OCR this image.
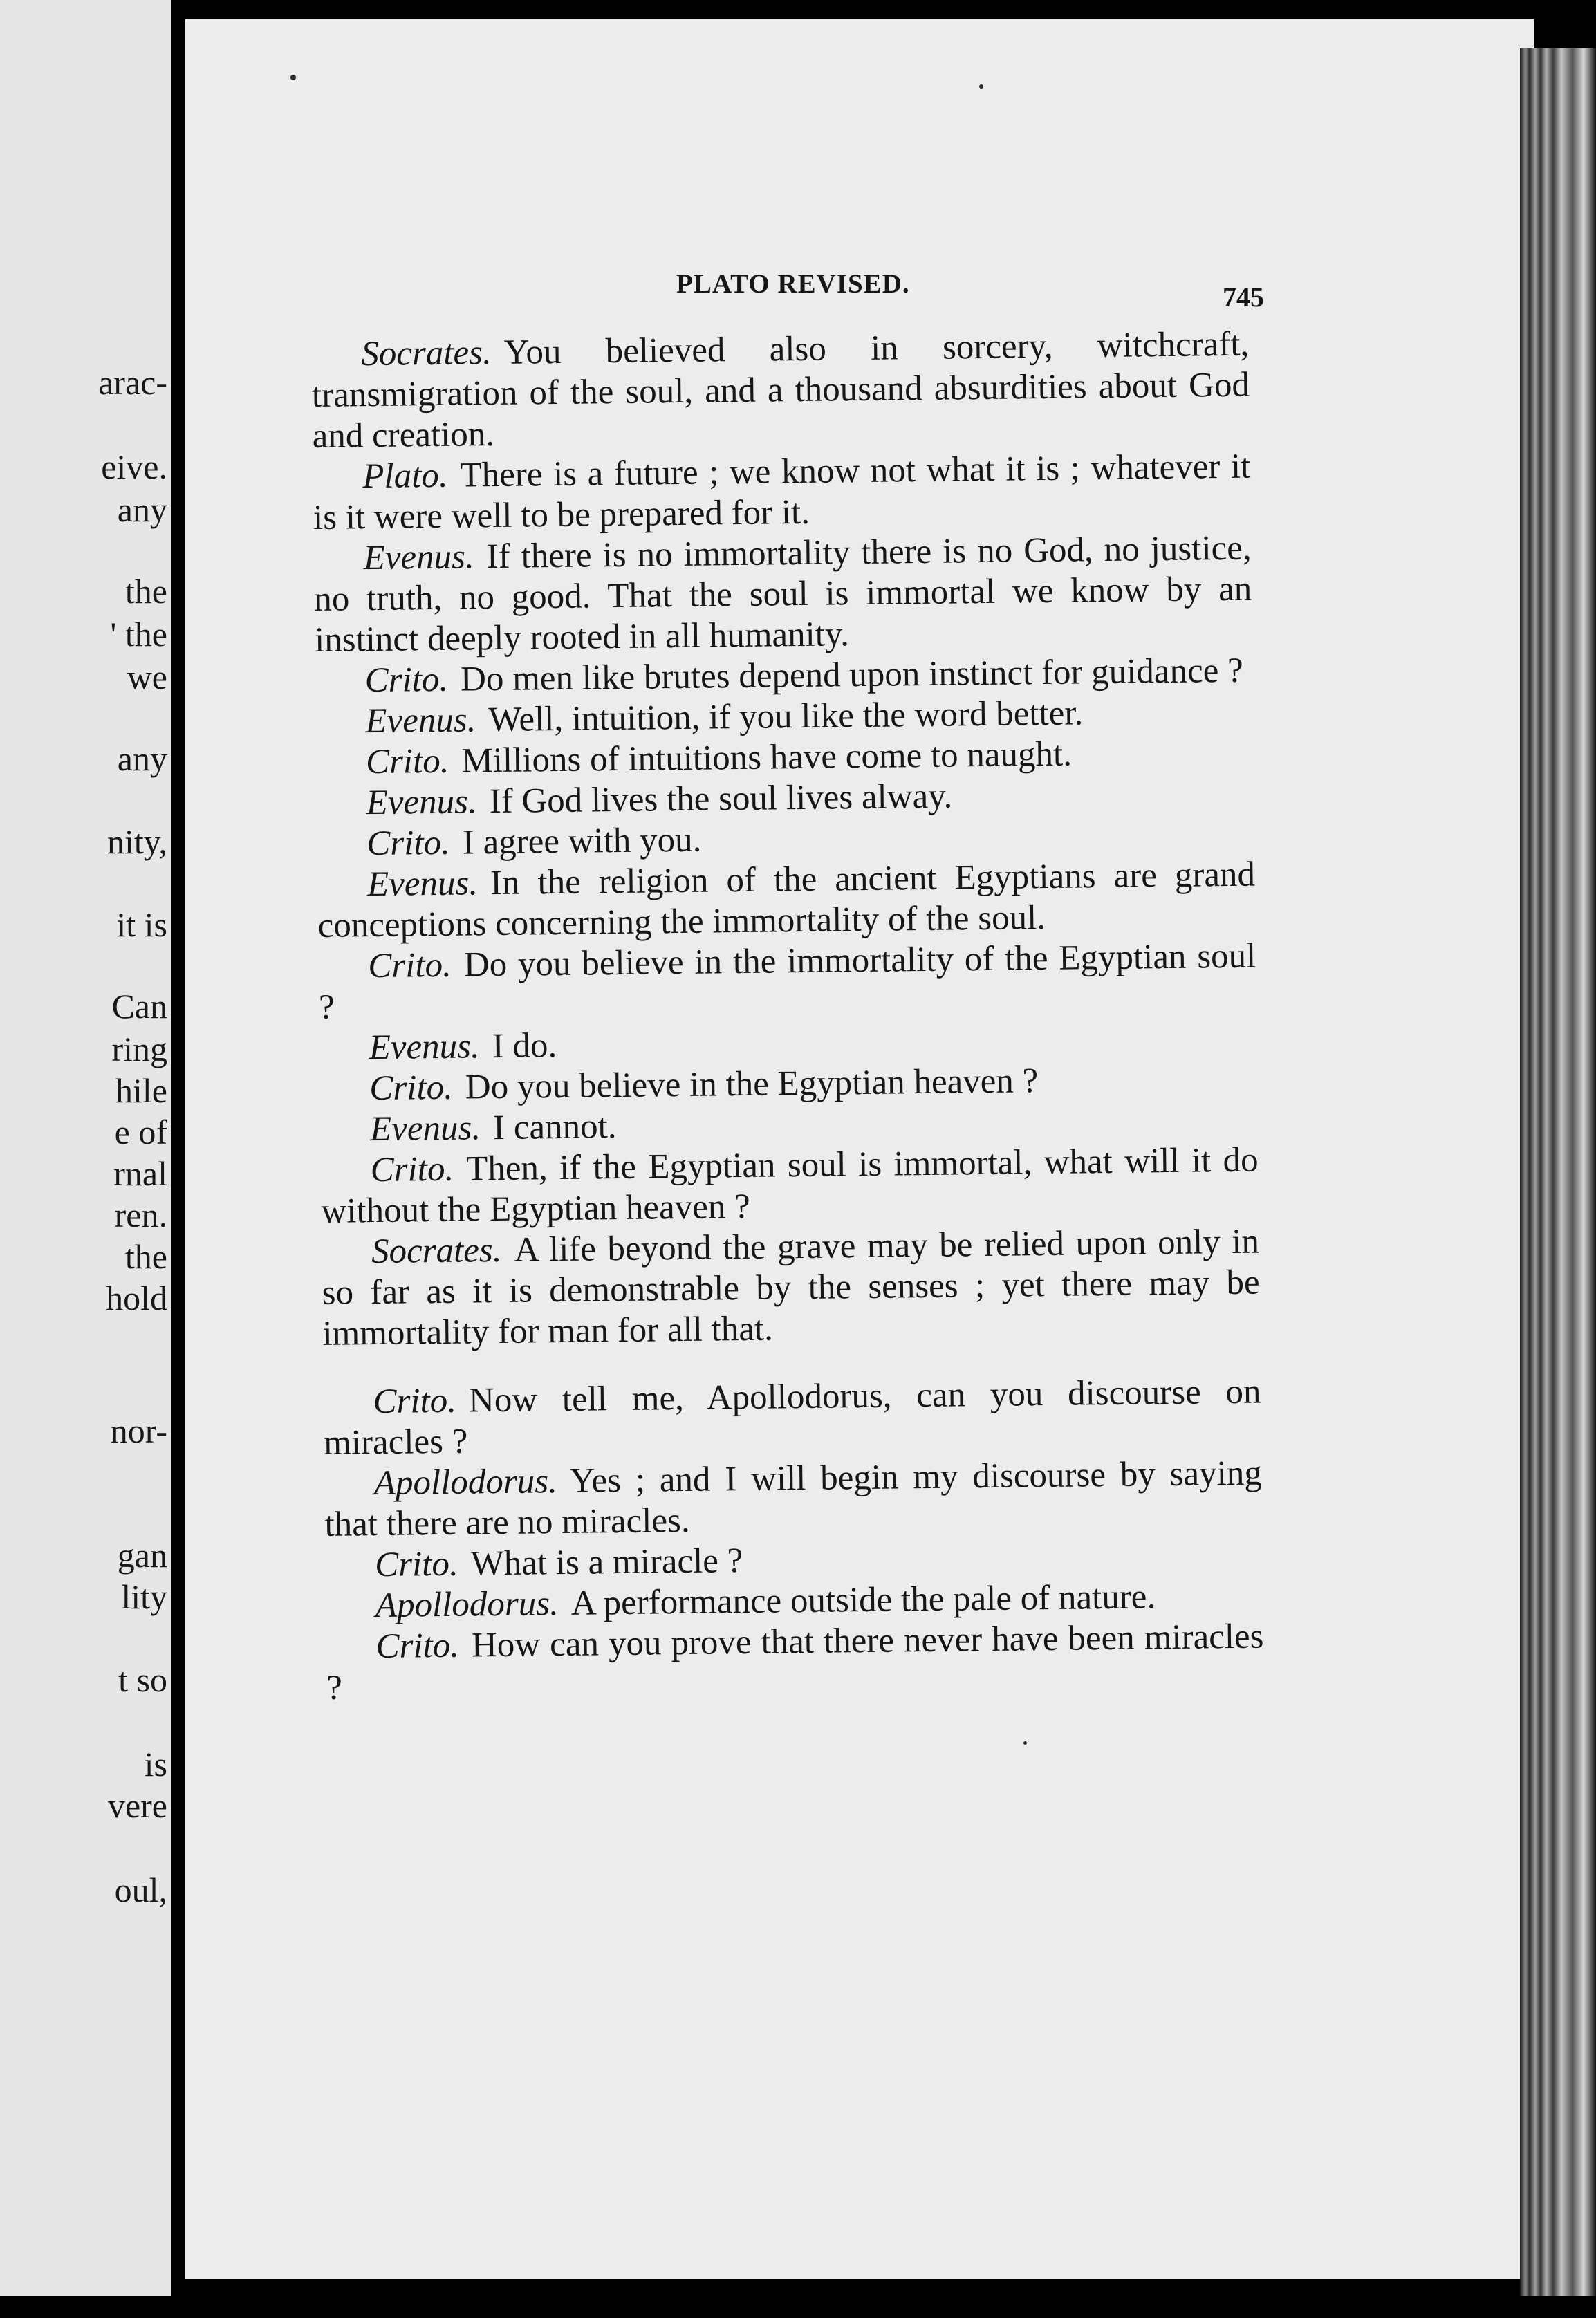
arac-
eive.
any
the
' the
we
any
nity,
it is
Can
ring
hile
e of
rnal
ren.
the
hold
nor-
gan
lity
t so
is
vere
oul,
PLATO REVISED.	745

Socrates. You believed also in sorcery, witchcraft, transmigration of the soul, and a thousand absurdities about God and creation.

Plato. There is a future ; we know not what it is ; whatever it is it were well to be prepared for it.

Evenus. If there is no immortality there is no God, no justice, no truth, no good. That the soul is immortal we know by an instinct deeply rooted in all humanity.

Crito. Do men like brutes depend upon instinct for guidance ?

Evenus. Well, intuition, if you like the word better.

Crito. Millions of intuitions have come to naught.

Evenus. If God lives the soul lives alway.

Crito. I agree with you.

Evenus. In the religion of the ancient Egyptians are grand conceptions concerning the immortality of the soul.

Crito. Do you believe in the immortality of the Egyptian soul ?

Evenus. I do.

Crito. Do you believe in the Egyptian heaven ?

Evenus. I cannot.

Crito. Then, if the Egyptian soul is immortal, what will it do without the Egyptian heaven ?

Socrates. A life beyond the grave may be relied upon only in so far as it is demonstrable by the senses ; yet there may be immortality for man for all that.

Crito. Now tell me, Apollodorus, can you discourse on miracles ?

Apollodorus. Yes ; and I will begin my discourse by saying that there are no miracles.

Crito. What is a miracle ?

Apollodorus. A performance outside the pale of nature.

Crito. How can you prove that there never have been miracles ?
